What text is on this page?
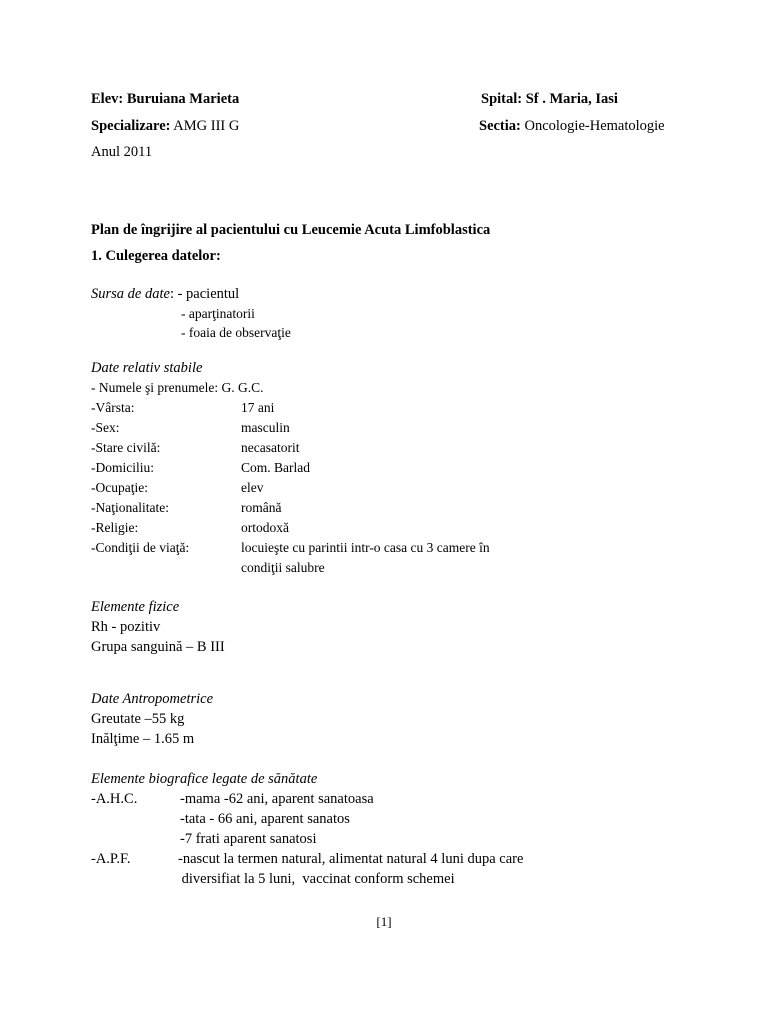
Elev: Buruiana Marieta	Spital: Sf . Maria, Iasi
Specializare: AMG III G	Sectia: Oncologie-Hematologie
Anul 2011
Plan de îngrijire al pacientului cu Leucemie Acuta Limfoblastica
1. Culegerea datelor:
Sursa de date: - pacientul
- aparţinatorii
- foaia de observaţie
Date relativ stabile
- Numele şi prenumele: G. G.C.
-Vârsta:	17 ani
-Sex:	masculin
-Stare civilă:	necasatorit
-Domiciliu:	Com. Barlad
-Ocupaţie:	elev
-Naţionalitate:	română
-Religie:	ortodoxă
-Condiţii de viaţă:	locuieşte cu parintii intr-o casa cu 3 camere în
condiţii salubre
Elemente fizice
Rh - pozitiv
Grupa sanguină – B III
Date Antropometrice
Greutate –55 kg
Inălţime – 1.65 m
Elemente biografice legate de sănătate
-A.H.C.	-mama -62 ani, aparent sanatoasa
-tata - 66 ani, aparent sanatos
-7 frati aparent sanatosi
-A.P.F.	-nascut la termen natural, alimentat natural 4 luni dupa care
diversifiat la 5 luni,  vaccinat conform schemei
[1]
